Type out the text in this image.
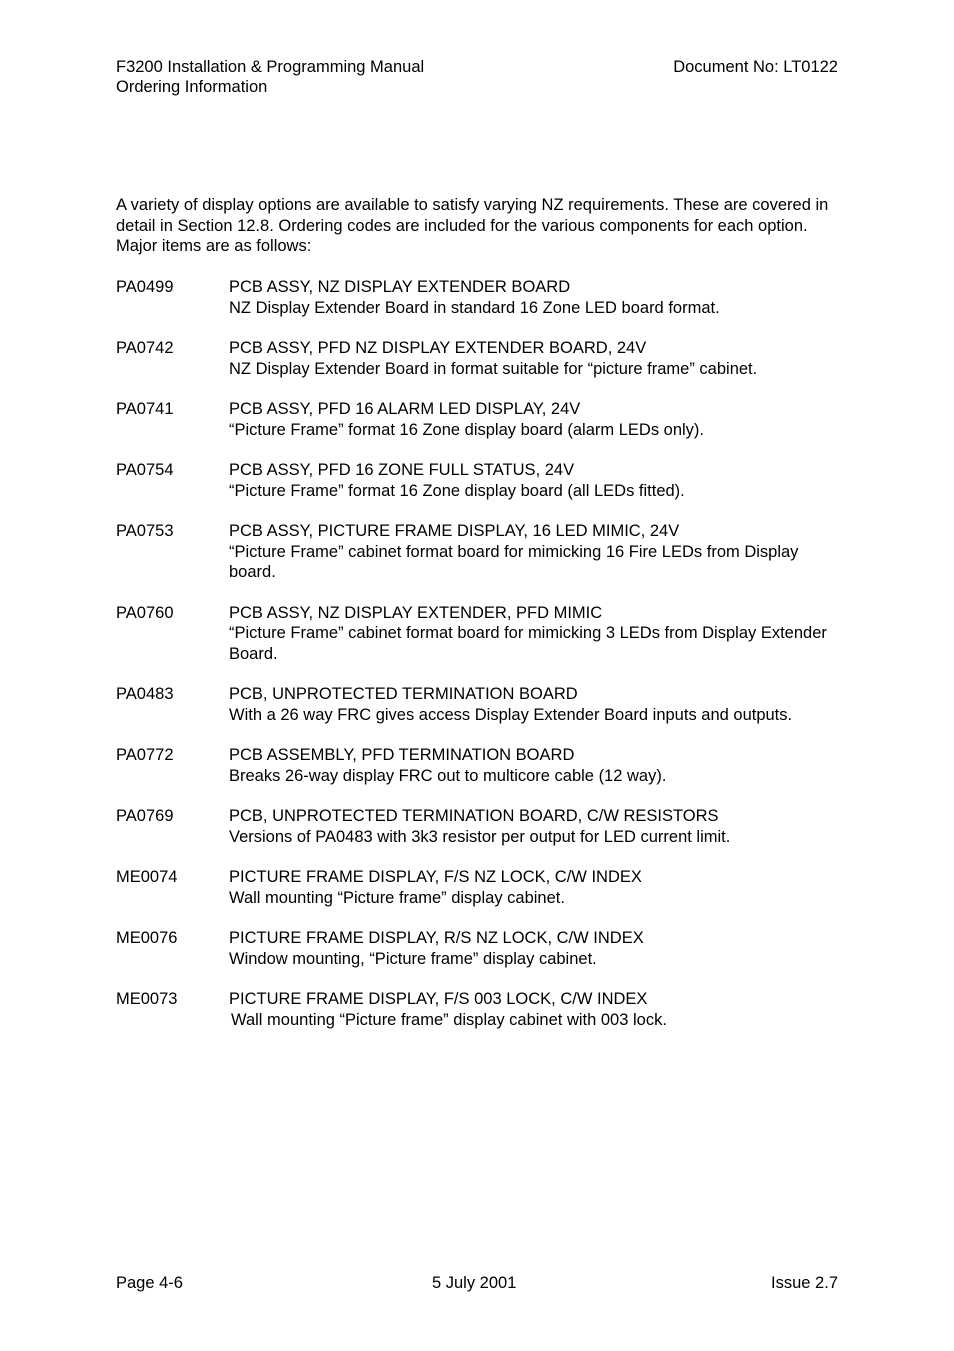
F3200 Installation & Programming Manual	Document No: LT0122
Ordering Information

A variety of display options are available to satisfy varying NZ requirements. These are covered in detail in Section 12.8. Ordering codes are included for the various components for each option. Major items are as follows:

PA0499	PCB ASSY, NZ DISPLAY EXTENDER BOARD
NZ Display Extender Board in standard 16 Zone LED board format.
PA0742	PCB ASSY, PFD NZ DISPLAY EXTENDER BOARD, 24V
NZ Display Extender Board in format suitable for “picture frame” cabinet.
PA0741	PCB ASSY, PFD 16 ALARM LED DISPLAY, 24V
“Picture Frame” format 16 Zone display board (alarm LEDs only).
PA0754	PCB ASSY, PFD 16 ZONE FULL STATUS, 24V
“Picture Frame” format 16 Zone display board (all LEDs fitted).
PA0753	PCB ASSY, PICTURE FRAME DISPLAY, 16 LED MIMIC, 24V
“Picture Frame” cabinet format board for mimicking 16 Fire LEDs from Display board.
PA0760	PCB ASSY, NZ DISPLAY EXTENDER, PFD MIMIC
“Picture Frame” cabinet format board for mimicking 3 LEDs from Display Extender Board.
PA0483	PCB, UNPROTECTED TERMINATION BOARD
With a 26 way FRC gives access Display Extender Board inputs and outputs.
PA0772	PCB ASSEMBLY, PFD TERMINATION BOARD
Breaks 26-way display FRC out to multicore cable (12 way).
PA0769	PCB, UNPROTECTED TERMINATION BOARD, C/W RESISTORS
Versions of PA0483 with 3k3 resistor per output for LED current limit.
ME0074	PICTURE FRAME DISPLAY, F/S NZ LOCK, C/W INDEX
Wall mounting “Picture frame” display cabinet.
ME0076	PICTURE FRAME DISPLAY, R/S NZ LOCK, C/W INDEX
Window mounting, “Picture frame” display cabinet.
ME0073	PICTURE FRAME DISPLAY, F/S 003 LOCK, C/W INDEX
Wall mounting “Picture frame” display cabinet with 003 lock.
Page 4-6	5 July 2001	Issue 2.7
